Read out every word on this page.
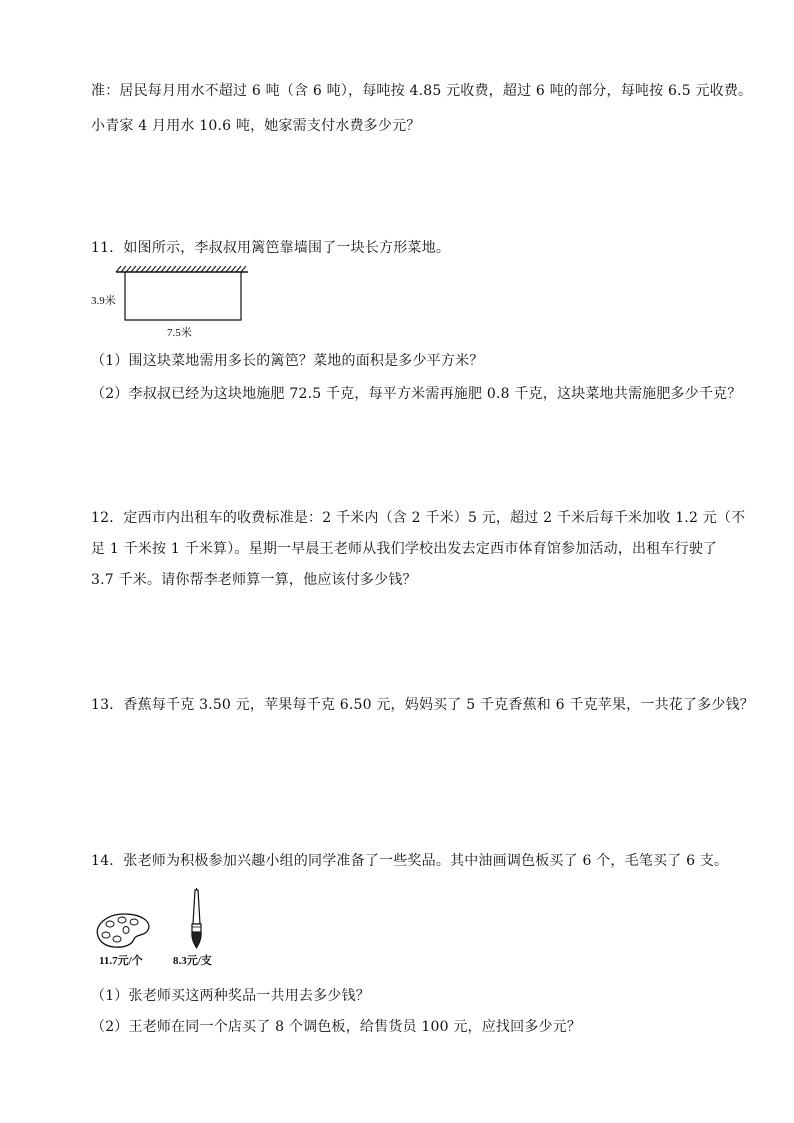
准：居民每月用水不超过 6 吨（含 6 吨），每吨按 4.85 元收费，超过 6 吨的部分，每吨按 6.5 元收费。
小青家 4 月用水 10.6 吨，她家需支付水费多少元？
11．如图所示，李叔叔用篱笆靠墙围了一块长方形菜地。
3.9米
7.5米
（1）围这块菜地需用多长的篱笆？菜地的面积是多少平方米？
（2）李叔叔已经为这块地施肥 72.5 千克，每平方米需再施肥 0.8 千克，这块菜地共需施肥多少千克？
12．定西市内出租车的收费标准是：2 千米内（含 2 千米）5 元，超过 2 千米后每千米加收 1.2 元（不
足 1 千米按 1 千米算）。星期一早晨王老师从我们学校出发去定西市体育馆参加活动，出租车行驶了
3.7 千米。请你帮李老师算一算，他应该付多少钱？
13．香蕉每千克 3.50 元，苹果每千克 6.50 元，妈妈买了 5 千克香蕉和 6 千克苹果，一共花了多少钱？
14．张老师为积极参加兴趣小组的同学准备了一些奖品。其中油画调色板买了 6 个，毛笔买了 6 支。
11.7元/个	8.3元/支
（1）张老师买这两种奖品一共用去多少钱？
（2）王老师在同一个店买了 8 个调色板，给售货员 100 元，应找回多少元？
